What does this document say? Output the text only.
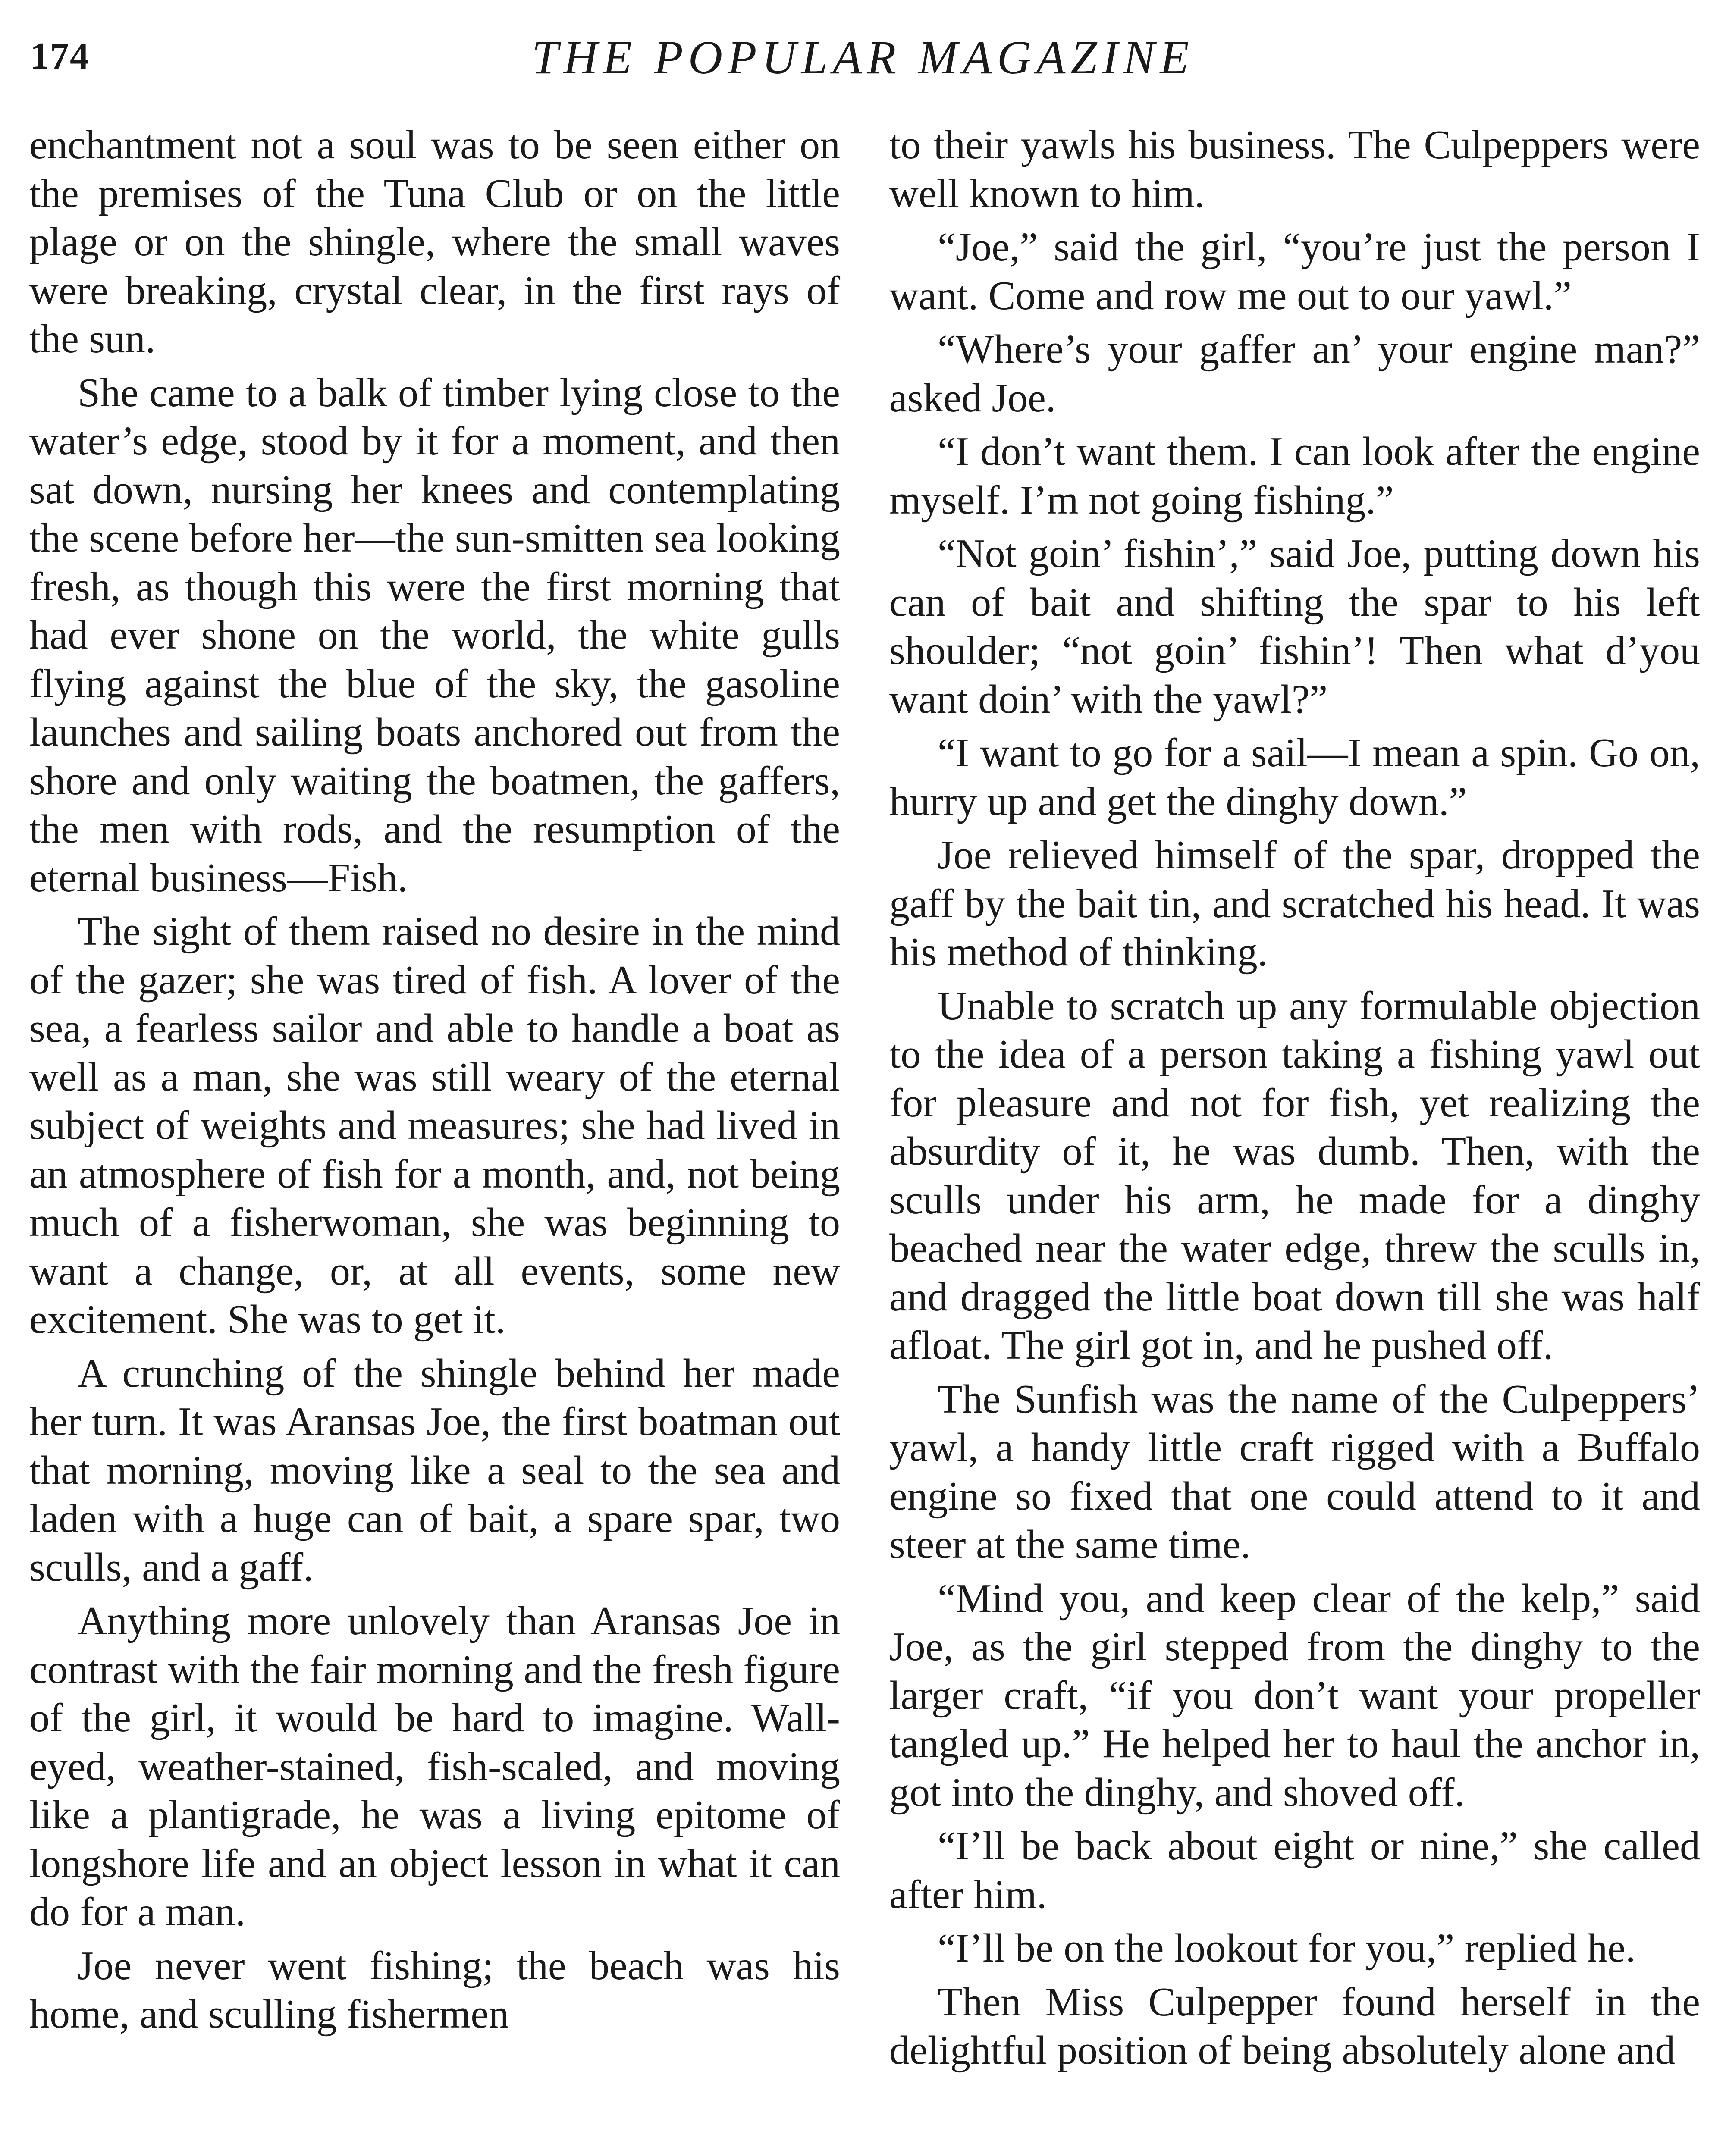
174	THE POPULAR MAGAZINE

enchantment not a soul was to be seen either on the premises of the Tuna Club or on the little plage or on the shingle, where the small waves were breaking, crystal clear, in the first rays of the sun.

She came to a balk of timber lying close to the water’s edge, stood by it for a moment, and then sat down, nursing her knees and contemplating the scene before her—the sun-smitten sea looking fresh, as though this were the first morning that had ever shone on the world, the white gulls flying against the blue of the sky, the gasoline launches and sailing boats anchored out from the shore and only waiting the boatmen, the gaffers, the men with rods, and the resumption of the eternal business—Fish.

The sight of them raised no desire in the mind of the gazer; she was tired of fish. A lover of the sea, a fearless sailor and able to handle a boat as well as a man, she was still weary of the eternal subject of weights and measures; she had lived in an atmosphere of fish for a month, and, not being much of a fisherwoman, she was beginning to want a change, or, at all events, some new excitement. She was to get it.

A crunching of the shingle behind her made her turn. It was Aransas Joe, the first boatman out that morning, moving like a seal to the sea and laden with a huge can of bait, a spare spar, two sculls, and a gaff.

Anything more unlovely than Aransas Joe in contrast with the fair morning and the fresh figure of the girl, it would be hard to imagine. Wall-eyed, weather-stained, fish-scaled, and moving like a plantigrade, he was a living epitome of longshore life and an object lesson in what it can do for a man.

Joe never went fishing; the beach was his home, and sculling fishermen

to their yawls his business. The Culpeppers were well known to him.

“Joe,” said the girl, “you’re just the person I want. Come and row me out to our yawl.”

“Where’s your gaffer an’ your engine man?” asked Joe.

“I don’t want them. I can look after the engine myself. I’m not going fishing.”

“Not goin’ fishin’,” said Joe, putting down his can of bait and shifting the spar to his left shoulder; “not goin’ fishin’! Then what d’you want doin’ with the yawl?”

“I want to go for a sail—I mean a spin. Go on, hurry up and get the dinghy down.”

Joe relieved himself of the spar, dropped the gaff by the bait tin, and scratched his head. It was his method of thinking.

Unable to scratch up any formulable objection to the idea of a person taking a fishing yawl out for pleasure and not for fish, yet realizing the absurdity of it, he was dumb. Then, with the sculls under his arm, he made for a dinghy beached near the water edge, threw the sculls in, and dragged the little boat down till she was half afloat. The girl got in, and he pushed off.

The Sunfish was the name of the Culpeppers’ yawl, a handy little craft rigged with a Buffalo engine so fixed that one could attend to it and steer at the same time.

“Mind you, and keep clear of the kelp,” said Joe, as the girl stepped from the dinghy to the larger craft, “if you don’t want your propeller tangled up.” He helped her to haul the anchor in, got into the dinghy, and shoved off.

“I’ll be back about eight or nine,” she called after him.

“I’ll be on the lookout for you,” replied he.

Then Miss Culpepper found herself in the delightful position of being absolutely alone and
